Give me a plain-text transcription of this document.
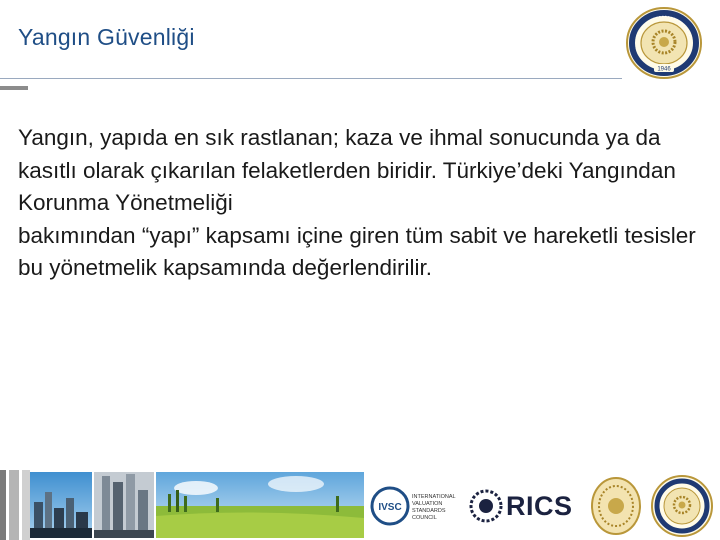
Yangın Güvenliği
1946

Yangın, yapıda en sık rastlanan; kaza ve ihmal sonucunda ya da kasıtlı olarak çıkarılan felaketlerden biridir. Türkiye’deki Yangından Korunma Yönetmeliği

bakımından “yapı” kapsamı içine giren tüm sabit ve hareketli tesisler bu yönetmelik kapsamında değerlendirilir.

IVSC
INTERNATIONAL VALUATION STANDARDS COUNCIL	RICS
